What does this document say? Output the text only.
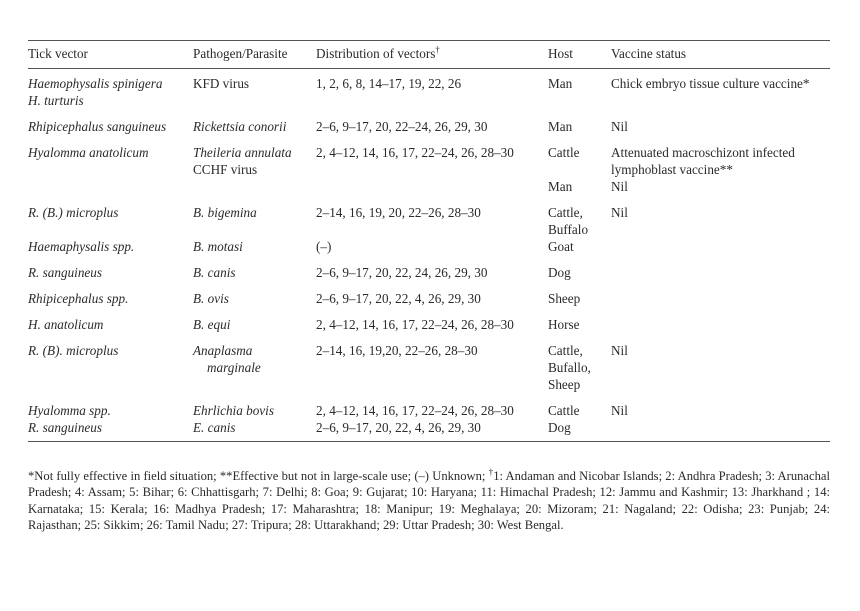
Tick vector	Pathogen/Parasite	Distribution of vectors†	Host	Vaccine status

Haemophysalis spinigera	KFD virus	1, 2, 6, 8, 14–17, 19, 22, 26	Man	Chick embryo tissue culture vaccine*
H. turturis				

Rhipicephalus sanguineus	Rickettsia conorii	2–6, 9–17, 20, 22–24, 26, 29, 30	Man	Nil

Hyalomma anatolicum	Theileria annulata	2, 4–12, 14, 16, 17, 22–24, 26, 28–30	Cattle	Attenuated macroschizont infected
	CCHF virus			lymphoblast vaccine**
			Man	Nil

R. (B.) microplus	B. bigemina	2–14, 16, 19, 20, 22–26, 28–30	Cattle,	Nil
			Buffalo	
Haemaphysalis spp.	B. motasi	(–)	Goat	

R. sanguineus	B. canis	2–6, 9–17, 20, 22, 24, 26, 29, 30	Dog	

Rhipicephalus spp.	B. ovis	2–6, 9–17, 20, 22, 4, 26, 29, 30	Sheep	

H. anatolicum	B. equi	2, 4–12, 14, 16, 17, 22–24, 26, 28–30	Horse	

R. (B). microplus	Anaplasma	2–14, 16, 19,20, 22–26, 28–30	Cattle,	Nil
	marginale		Bufallo,	
			Sheep	

Hyalomma spp.	Ehrlichia bovis	2, 4–12, 14, 16, 17, 22–24, 26, 28–30	Cattle	Nil
R. sanguineus	E. canis	2–6, 9–17, 20, 22, 4, 26, 29, 30	Dog	

*Not fully effective in field situation; **Effective but not in large-scale use; (–) Unknown; †1: Andaman and Nicobar Islands; 2: Andhra Pradesh; 3: Arunachal Pradesh; 4: Assam; 5: Bihar; 6: Chhattisgarh; 7: Delhi; 8: Goa; 9: Gujarat; 10: Haryana; 11: Himachal Pradesh; 12: Jammu and Kashmir; 13: Jharkhand ; 14: Karnataka; 15: Kerala; 16: Madhya Pradesh; 17: Maharashtra; 18: Manipur; 19: Meghalaya; 20: Mizoram; 21: Nagaland; 22: Odisha; 23: Punjab; 24: Rajasthan; 25: Sikkim; 26: Tamil Nadu; 27: Tripura; 28: Uttarakhand; 29: Uttar Pradesh; 30: West Bengal.
